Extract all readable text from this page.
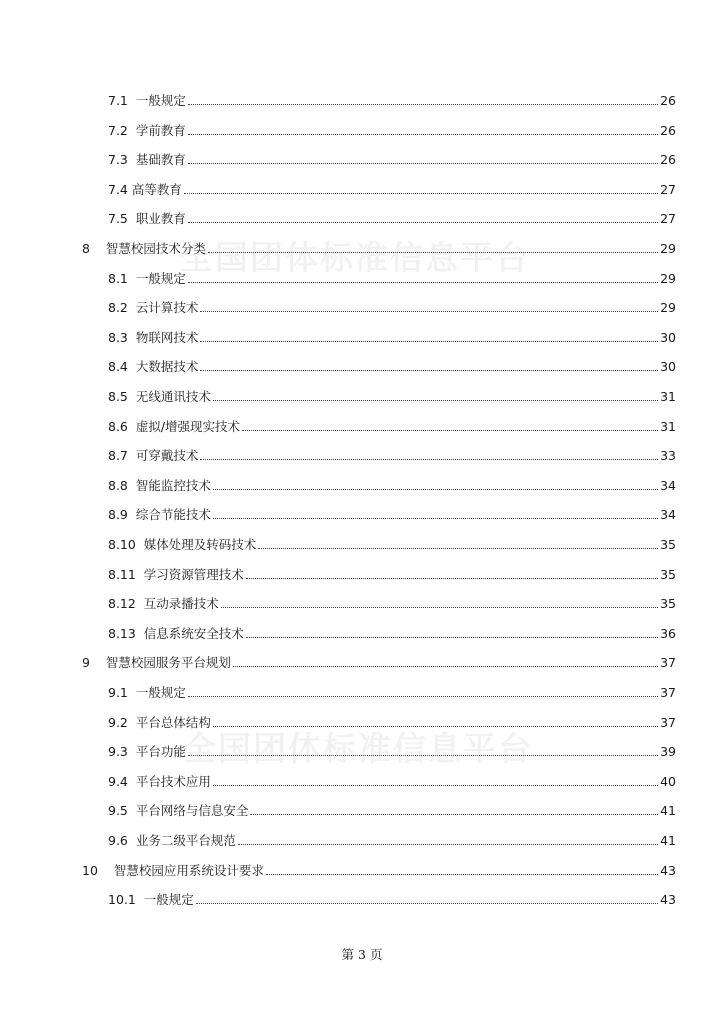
全国团体标准信息平台
全国团体标准信息平台
7.1 一般规定	26
7.2 学前教育	26
7.3 基础教育	26
7.4 高等教育	27
7.5 职业教育	27
8 智慧校园技术分类	29
8.1 一般规定	29
8.2 云计算技术	29
8.3 物联网技术	30
8.4 大数据技术	30
8.5 无线通讯技术	31
8.6 虚拟/增强现实技术	31
8.7 可穿戴技术	33
8.8 智能监控技术	34
8.9 综合节能技术	34
8.10 媒体处理及转码技术	35
8.11 学习资源管理技术	35
8.12 互动录播技术	35
8.13 信息系统安全技术	36
9 智慧校园服务平台规划	37
9.1 一般规定	37
9.2 平台总体结构	37
9.3 平台功能	39
9.4 平台技术应用	40
9.5 平台网络与信息安全	41
9.6 业务二级平台规范	41
10 智慧校园应用系统设计要求	43
10.1 一般规定	43
第 3 页
